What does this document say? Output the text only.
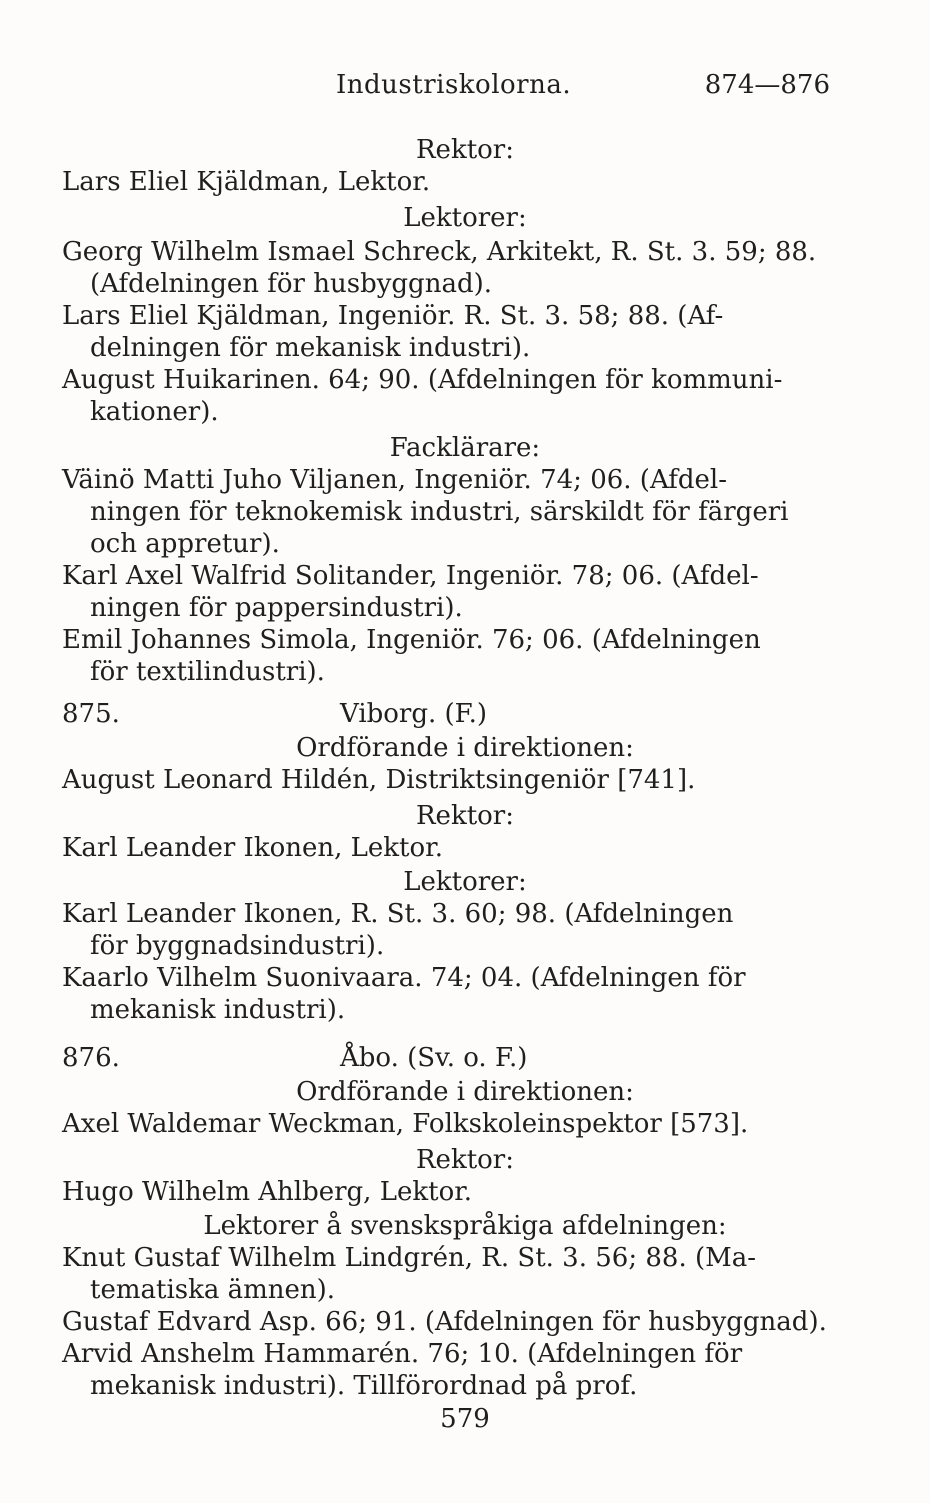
Industriskolorna.	874—876
Rektor:
Lars Eliel Kjäldman, Lektor.
Lektorer:
Georg Wilhelm Ismael Schreck, Arkitekt, R. St. 3. 59; 88.
(Afdelningen för husbyggnad).
Lars Eliel Kjäldman, Ingeniör. R. St. 3. 58; 88. (Af-
delningen för mekanisk industri).
August Huikarinen. 64; 90. (Afdelningen för kommuni-
kationer).
Facklärare:
Väinö Matti Juho Viljanen, Ingeniör. 74; 06. (Afdel-
ningen för teknokemisk industri, särskildt för färgeri
och appretur).
Karl Axel Walfrid Solitander, Ingeniör. 78; 06. (Afdel-
ningen för pappersindustri).
Emil Johannes Simola, Ingeniör. 76; 06. (Afdelningen
för textilindustri).
875.	Viborg. (F.)
Ordförande i direktionen:
August Leonard Hildén, Distriktsingeniör [741].
Rektor:
Karl Leander Ikonen, Lektor.
Lektorer:
Karl Leander Ikonen, R. St. 3. 60; 98. (Afdelningen
för byggnadsindustri).
Kaarlo Vilhelm Suonivaara. 74; 04. (Afdelningen för
mekanisk industri).
876.	Åbo. (Sv. o. F.)
Ordförande i direktionen:
Axel Waldemar Weckman, Folkskoleinspektor [573].
Rektor:
Hugo Wilhelm Ahlberg, Lektor.
Lektorer å svenskspråkiga afdelningen:
Knut Gustaf Wilhelm Lindgrén, R. St. 3. 56; 88. (Ma-
tematiska ämnen).
Gustaf Edvard Asp. 66; 91. (Afdelningen för husbyggnad).
Arvid Anshelm Hammarén. 76; 10. (Afdelningen för
mekanisk industri). Tillförordnad på prof.
579
